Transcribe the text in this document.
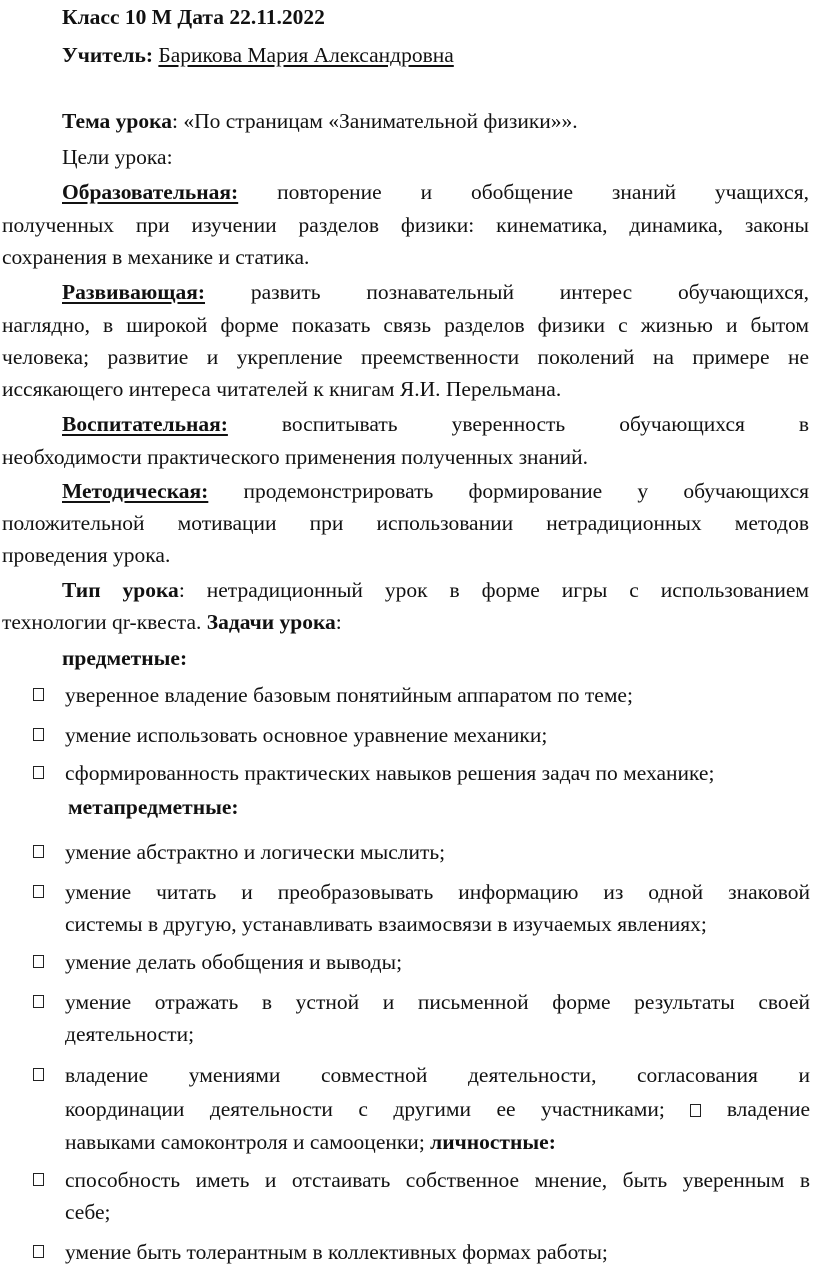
Класс 10 М Дата 22.11.2022
Учитель: Барикова Мария Александровна
Тема урока: «По страницам «Занимательной физики»».
Цели урока:
Образовательная: повторение и обобщение знаний учащихся,
полученных при изучении разделов физики: кинематика, динамика, законы
сохранения в механике и статика.
Развивающая: развить познавательный интерес обучающихся,
наглядно, в широкой форме показать связь разделов физики с жизнью и бытом
человека; развитие и укрепление преемственности поколений на примере не
иссякающего интереса читателей к книгам Я.И. Перельмана.
Воспитательная:	воспитывать уверенность обучающихся в
необходимости практического применения полученных знаний.
Методическая: продемонстрировать формирование у обучающихся
положительной мотивации при использовании нетрадиционных методов
проведения урока.
Тип урока: нетрадиционный урок в форме игры с использованием
технологии qr-квеста. Задачи урока:
предметные:
уверенное владение базовым понятийным аппаратом по теме;
умение использовать основное уравнение механики;
сформированность практических навыков решения задач по механике;
метапредметные:
умение абстрактно и логически мыслить;
умение читать и преобразовывать информацию из одной знаковой
системы в другую, устанавливать взаимосвязи в изучаемых явлениях;
умение делать обобщения и выводы;
умение отражать в устной и письменной форме результаты своей
деятельности;
владение умениями совместной деятельности, согласования и
координации деятельности с другими ее участниками;	владение
навыками самоконтроля и самооценки; личностные:
способность иметь и отстаивать собственное мнение, быть уверенным в
себе;
умение быть толерантным в коллективных формах работы;
